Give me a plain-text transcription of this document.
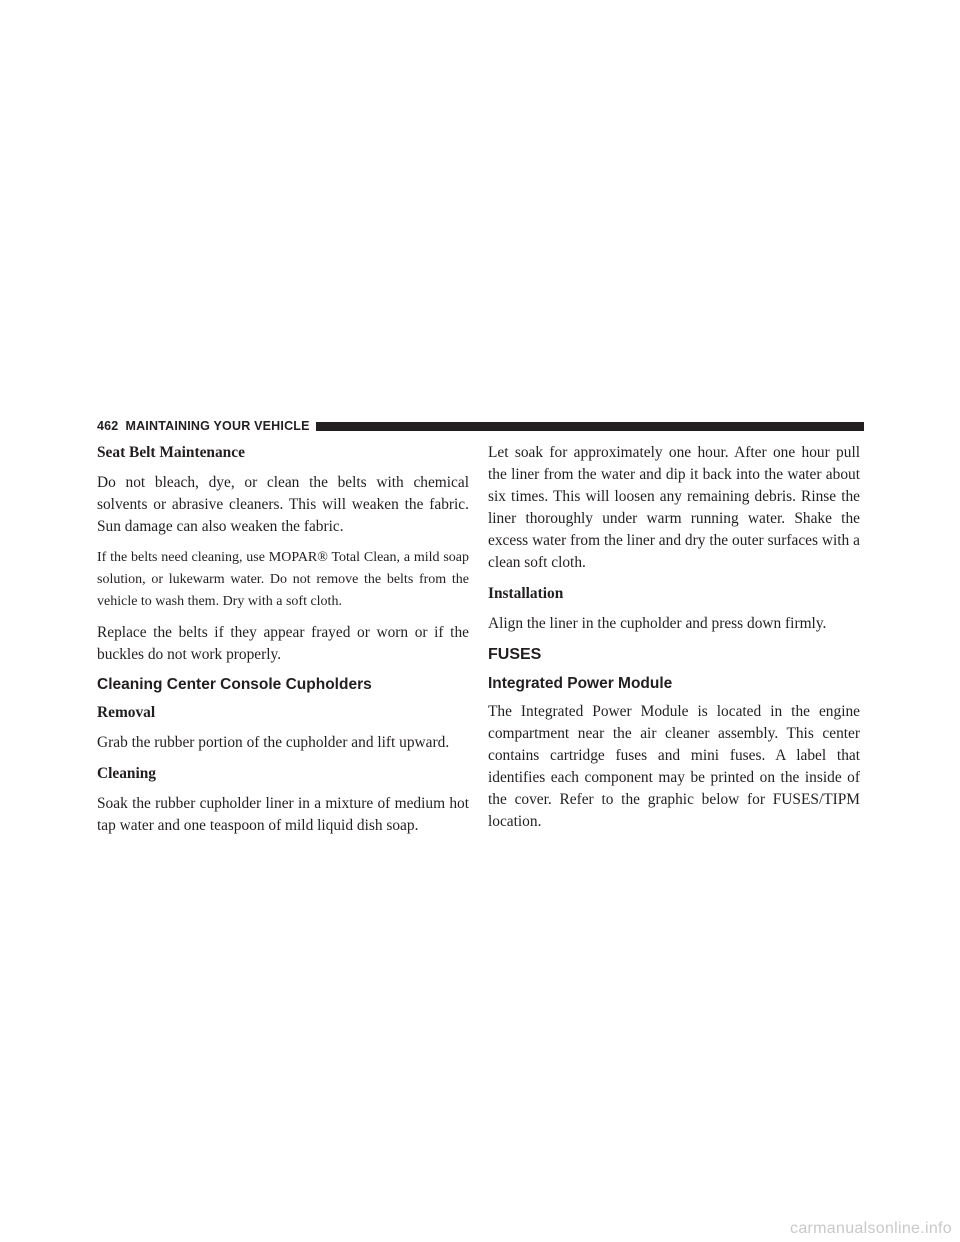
462 MAINTAINING YOUR VEHICLE
Seat Belt Maintenance

Do not bleach, dye, or clean the belts with chemical solvents or abrasive cleaners. This will weaken the fabric. Sun damage can also weaken the fabric.

If the belts need cleaning, use MOPAR® Total Clean, a mild soap solution, or lukewarm water. Do not remove the belts from the vehicle to wash them. Dry with a soft cloth.

Replace the belts if they appear frayed or worn or if the buckles do not work properly.

Cleaning Center Console Cupholders
Removal

Grab the rubber portion of the cupholder and lift upward.

Cleaning

Soak the rubber cupholder liner in a mixture of medium hot tap water and one teaspoon of mild liquid dish soap.

Let soak for approximately one hour. After one hour pull the liner from the water and dip it back into the water about six times. This will loosen any remaining debris. Rinse the liner thoroughly under warm running water. Shake the excess water from the liner and dry the outer surfaces with a clean soft cloth.

Installation

Align the liner in the cupholder and press down firmly.

FUSES
Integrated Power Module

The Integrated Power Module is located in the engine compartment near the air cleaner assembly. This center contains cartridge fuses and mini fuses. A label that identifies each component may be printed on the inside of the cover. Refer to the graphic below for FUSES/TIPM location.

carmanualsonline.info
